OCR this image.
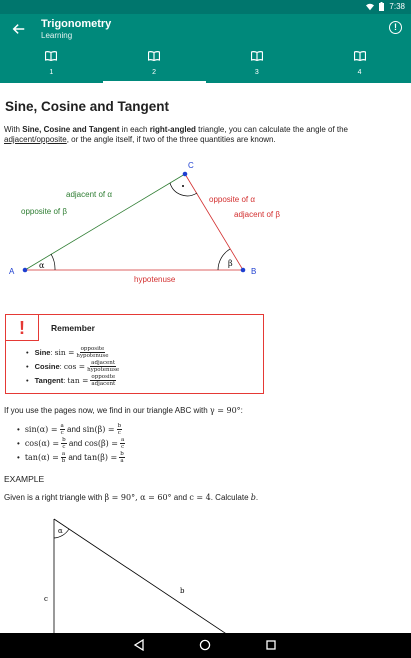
7:38
Trigonometry
Learning
!
1	2	3	4
Sine, Cosine and Tangent
With Sine, Cosine and Tangent in each right-angled triangle, you can calculate the angle of the
adjacent/opposite, or the angle itself, if two of the three quantities are known.
A	B
C
α	β
adjacent of α
opposite of β
opposite of α
adjacent of β
hypotenuse
!	Remember
• Sine : $\sin = \frac{\text{opposite}}{\text{hypotenuse}}$
• Cosine : $\cos = \frac{\text{adjacent}}{\text{hypotenuse}}$
• Tangent : $\tan = \frac{\text{opposite}}{\text{adjacent}}$
If you use the pages now, we find in our triangle ABC with γ = 90°:
• $\sin(\alpha) = \frac{a}{c}$
and
$\sin(\beta) = \frac{b}{c}$
• $\cos(\alpha) = \frac{b}{c}$
and
$\cos(\beta) = \frac{a}{c}$
• $\tan(\alpha) = \frac{a}{b}$
and
$\tan(\beta) = \frac{b}{a}$
EXAMPLE
Given is a right triangle with β = 90°, α = 60° and c = 4. Calculate b.
α
b
c
